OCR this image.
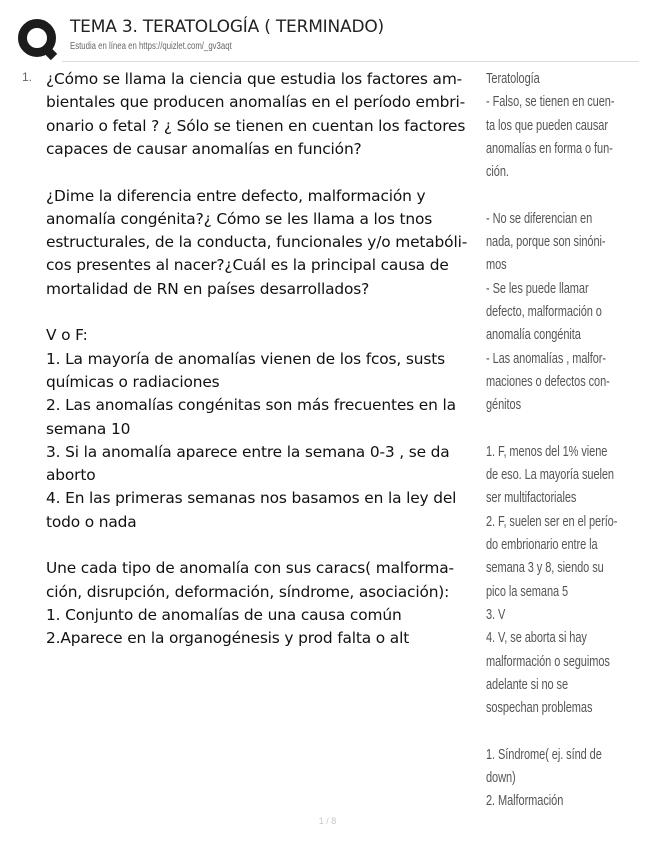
TEMA 3. TERATOLOGÍA ( TERMINADO)
Estudia en línea en https://quizlet.com/_gv3aqt
1. ¿Cómo se llama la ciencia que estudia los factores am-
bientales que producen anomalías en el período embri-
onario o fetal ? ¿ Sólo se tienen en cuentan los factores
capaces de causar anomalías en función?
¿Dime la diferencia entre defecto, malformación y
anomalía congénita?¿ Cómo se les llama a los tnos
estructurales, de la conducta, funcionales y/o metabóli-
cos presentes al nacer?¿Cuál es la principal causa de
mortalidad de RN en países desarrollados?
V o F:
1. La mayoría de anomalías vienen de los fcos, susts
químicas o radiaciones
2. Las anomalías congénitas son más frecuentes en la
semana 10
3. Si la anomalía aparece entre la semana 0-3 , se da
aborto
4. En las primeras semanas nos basamos en la ley del
todo o nada
Une cada tipo de anomalía con sus caracs( malforma-
ción, disrupción, deformación, síndrome, asociación):
1. Conjunto de anomalías de una causa común
2.Aparece en la organogénesis y prod falta o alt
Teratología
- Falso, se tienen en cuen-
ta los que pueden causar
anomalías en forma o fun-
ción.
- No se diferencian en
nada, porque son sinóni-
mos
- Se les puede llamar
defecto, malformación o
anomalía congénita
- Las anomalías , malfor-
maciones o defectos con-
génitos
1. F, menos del 1% viene
de eso. La mayoría suelen
ser multifactoriales
2. F, suelen ser en el perío-
do embrionario entre la
semana 3 y 8, siendo su
pico la semana 5
3. V
4. V, se aborta si hay
malformación o seguimos
adelante si no se
sospechan problemas
1. Síndrome( ej. sínd de
down)
2. Malformación
1 / 8
